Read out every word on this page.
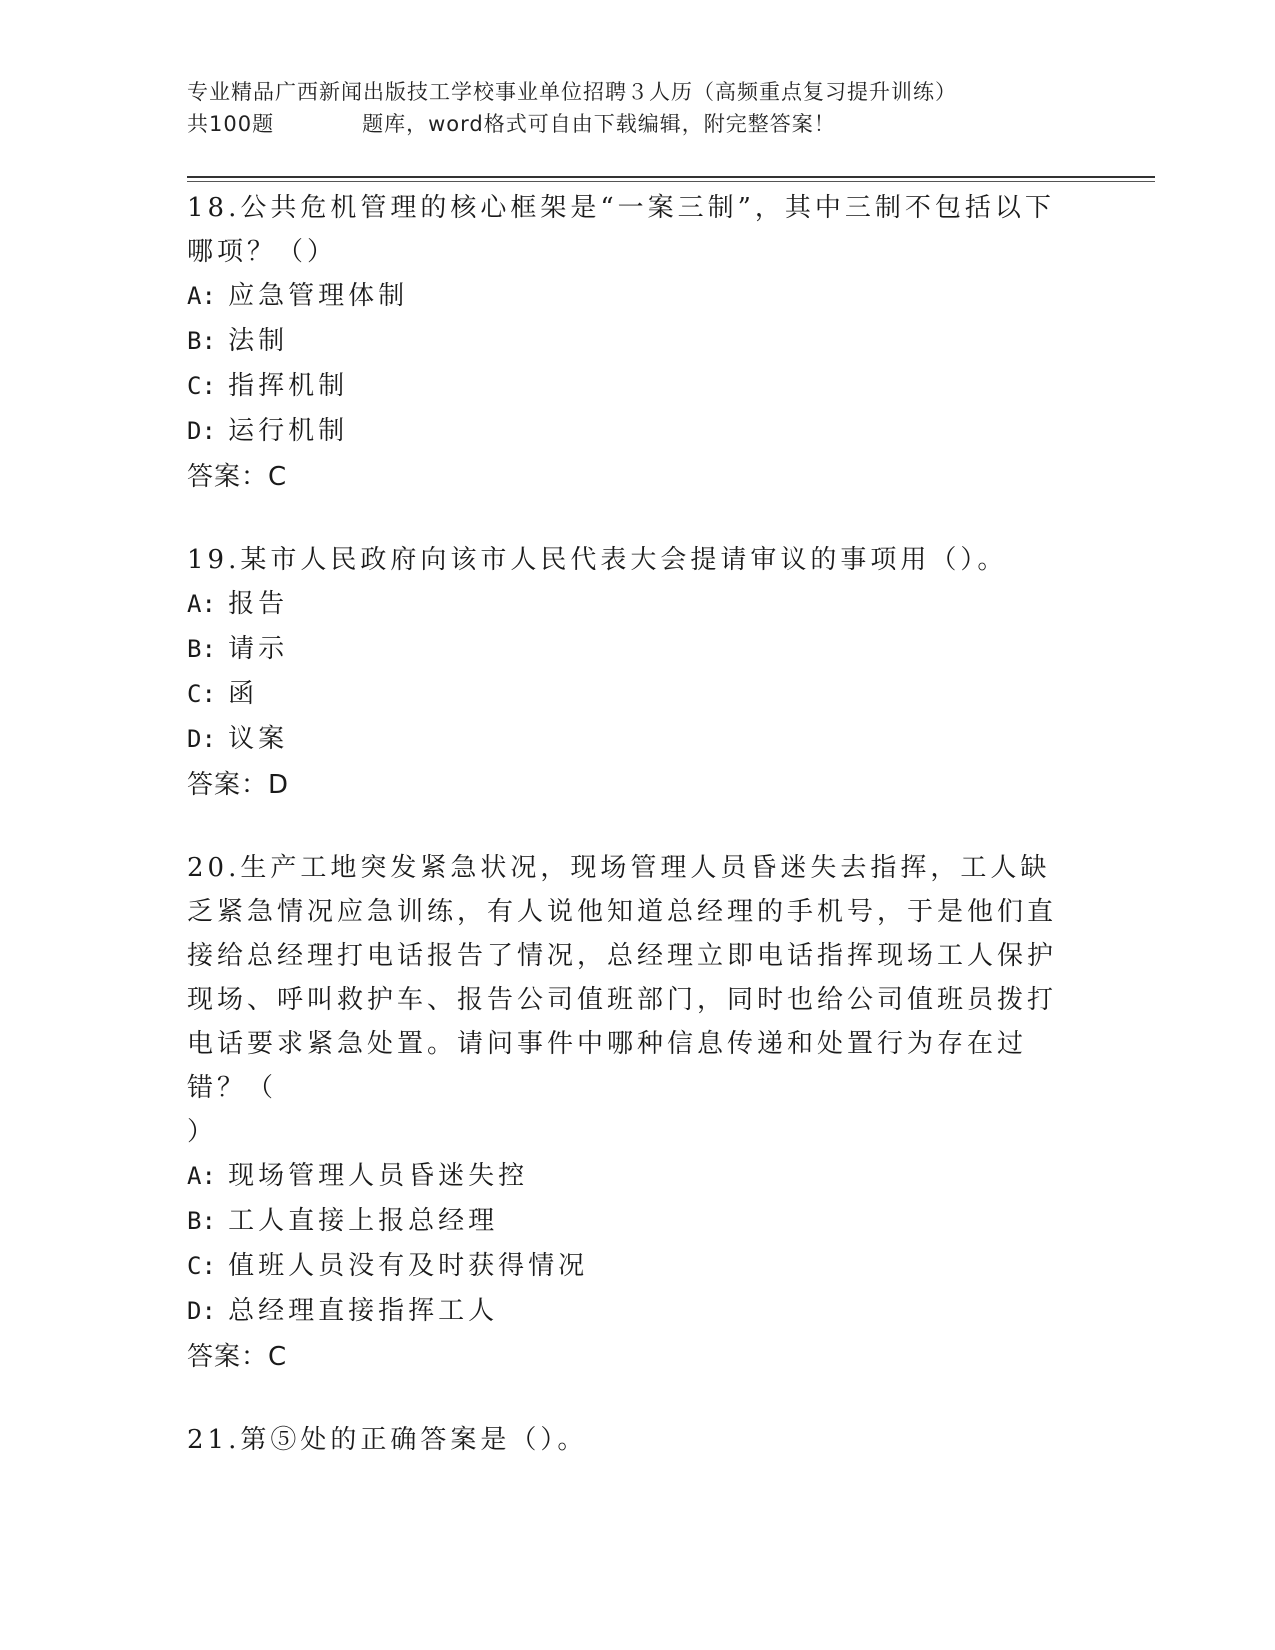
专业精品广西新闻出版技工学校事业单位招聘３人历（高频重点复习提升训练）
共100题	题库，word格式可自由下载编辑，附完整答案！

18.公共危机管理的核心框架是“一案三制”，其中三制不包括以下哪项？（）

A: 应急管理体制

B: 法制

C: 指挥机制

D: 运行机制

答案：C

19.某市人民政府向该市人民代表大会提请审议的事项用（）。

A: 报告

B: 请示

C: 函

D: 议案

答案：D

20.生产工地突发紧急状况，现场管理人员昏迷失去指挥，工人缺乏紧急情况应急训练，有人说他知道总经理的手机号，于是他们直接给总经理打电话报告了情况，总经理立即电话指挥现场工人保护现场、呼叫救护车、报告公司值班部门，同时也给公司值班员拨打电话要求紧急处置。请问事件中哪种信息传递和处置行为存在过错？（

）

A: 现场管理人员昏迷失控

B: 工人直接上报总经理

C: 值班人员没有及时获得情况

D: 总经理直接指挥工人

答案：C

21.第⑤处的正确答案是（）。
